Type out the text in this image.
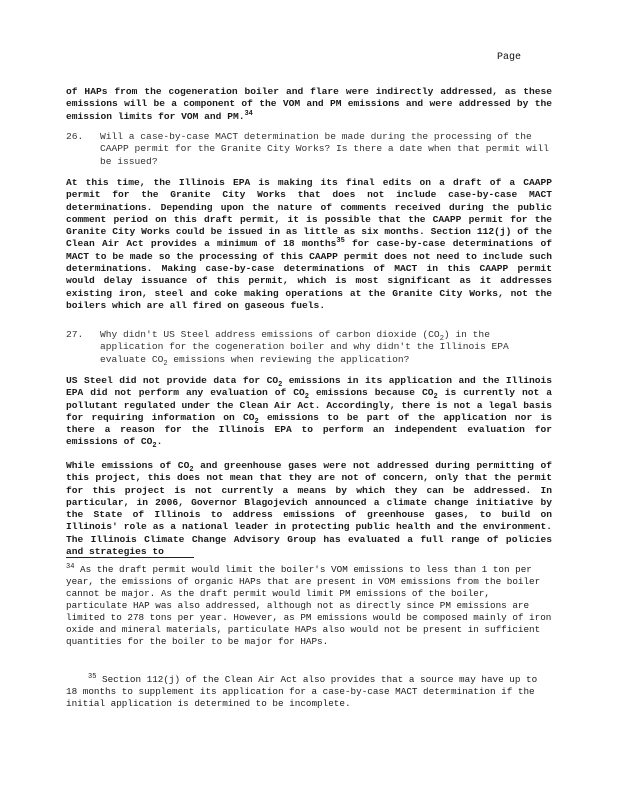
Page

of HAPs from the cogeneration boiler and flare were indirectly addressed, as these emissions will be a component of the VOM and PM emissions and were addressed by the emission limits for VOM and PM.$^{34}$

26. Will a case-by-case MACT determination be made during the processing of the CAAPP permit for the Granite City Works? Is there a date when that permit will be issued?

At this time, the Illinois EPA is making its final edits on a draft of a CAAPP permit for the Granite City Works that does not include case-by-case MACT determinations. Depending upon the nature of comments received during the public comment period on this draft permit, it is possible that the CAAPP permit for the Granite City Works could be issued in as little as six months. Section 112(j) of the Clean Air Act provides a minimum of 18 months$^{35}$ for case-by-case determinations of MACT to be made so the processing of this CAAPP permit does not need to include such determinations. Making case-by-case determinations of MACT in this CAAPP permit would delay issuance of this permit, which is most significant as it addresses existing iron, steel and coke making operations at the Granite City Works, not the boilers which are all fired on gaseous fuels.

27. Why didn't US Steel address emissions of carbon dioxide $(CO_2)$ in the application for the cogeneration boiler and why didn't the Illinois EPA evaluate $CO_2$ emissions when reviewing the application?

US Steel did not provide data for $CO_2$ emissions in its application and the Illinois EPA did not perform any evaluation of $CO_2$ emissions because $CO_2$ is currently not a pollutant regulated under the Clean Air Act. Accordingly, there is not a legal basis for requiring information on $CO_2$ emissions to be part of the application nor is there a reason for the Illinois EPA to perform an independent evaluation for emissions of $CO_2$.

While emissions of $CO_2$ and greenhouse gases were not addressed during permitting of this project, this does not mean that they are not of concern, only that the permit for this project is not currently a means by which they can be addressed. In particular, in 2006, Governor Blagojevich announced a climate change initiative by the State of Illinois to address emissions of greenhouse gases, to build on Illinois' role as a national leader in protecting public health and the environment. The Illinois Climate Change Advisory Group has evaluated a full range of policies and strategies to

$^{34}$ As the draft permit would limit the boiler's VOM emissions to less than 1 ton per year, the emissions of organic HAPs that are present in VOM emissions from the boiler cannot be major. As the draft permit would limit PM emissions of the boiler, particulate HAP was also addressed, although not as directly since PM emissions are limited to 278 tons per year. However, as PM emissions would be composed mainly of iron oxide and mineral materials, particulate HAPs also would not be present in sufficient quantities for the boiler to be major for HAPs.

$^{35}$ Section 112(j) of the Clean Air Act also provides that a source may have up to 18 months to supplement its application for a case-by-case MACT determination if the initial application is determined to be incomplete.
